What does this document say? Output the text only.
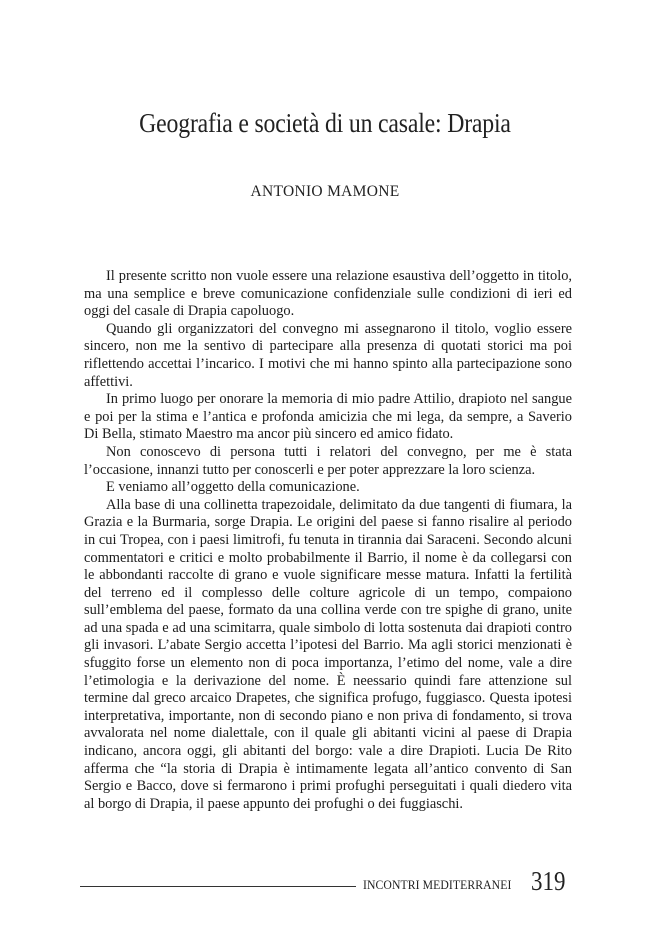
Geografia e società di un casale: Drapia
ANTONIO MAMONE

Il presente scritto non vuole essere una relazione esaustiva dell’oggetto in titolo, ma una semplice e breve comunicazione confidenziale sulle condizioni di ieri ed oggi del casale di Drapia capoluogo.

Quando gli organizzatori del convegno mi assegnarono il titolo, voglio essere sincero, non me la sentivo di partecipare alla presenza di quotati storici ma poi riflettendo accettai l’incarico. I motivi che mi hanno spinto alla partecipazione sono affettivi.

In primo luogo per onorare la memoria di mio padre Attilio, drapioto nel sangue e poi per la stima e l’antica e profonda amicizia che mi lega, da sempre, a Saverio Di Bella, stimato Maestro ma ancor più sincero ed amico fidato.

Non conoscevo di persona tutti i relatori del convegno, per me è stata l’occasione, innanzi tutto per conoscerli e per poter apprezzare la loro scienza.

E veniamo all’oggetto della comunicazione.

Alla base di una collinetta trapezoidale, delimitato da due tangenti di fiumara, la Grazia e la Burmaria, sorge Drapia. Le origini del paese si fanno risalire al periodo in cui Tropea, con i paesi limitrofi, fu tenuta in tirannia dai Saraceni. Secondo alcuni commentatori e critici e molto probabilmente il Barrio, il nome è da collegarsi con le abbondanti raccolte di grano e vuole significare messe matura. Infatti la fertilità del terreno ed il complesso delle colture agricole di un tempo, compaiono sull’emblema del paese, formato da una collina verde con tre spighe di grano, unite ad una spada e ad una scimitarra, quale simbolo di lotta sostenuta dai drapioti contro gli invasori. L’abate Sergio accetta l’ipotesi del Barrio. Ma agli storici menzionati è sfuggito forse un elemento non di poca importanza, l’etimo del nome, vale a dire l’etimologia e la derivazione del nome. È neessario quindi fare attenzione sul termine dal greco arcaico Drapetes, che significa profugo, fuggiasco. Questa ipotesi interpretativa, importante, non di secondo piano e non priva di fondamento, si trova avvalorata nel nome dialettale, con il quale gli abitanti vicini al paese di Drapia indicano, ancora oggi, gli abitanti del borgo: vale a dire Drapioti. Lucia De Rito afferma che “la storia di Drapia è intimamente legata all’antico convento di San Sergio e Bacco, dove si fermarono i primi profughi perseguitati i quali diedero vita al borgo di Drapia, il paese appunto dei profughi o dei fuggiaschi.

INCONTRI MEDITERRANEI 319
